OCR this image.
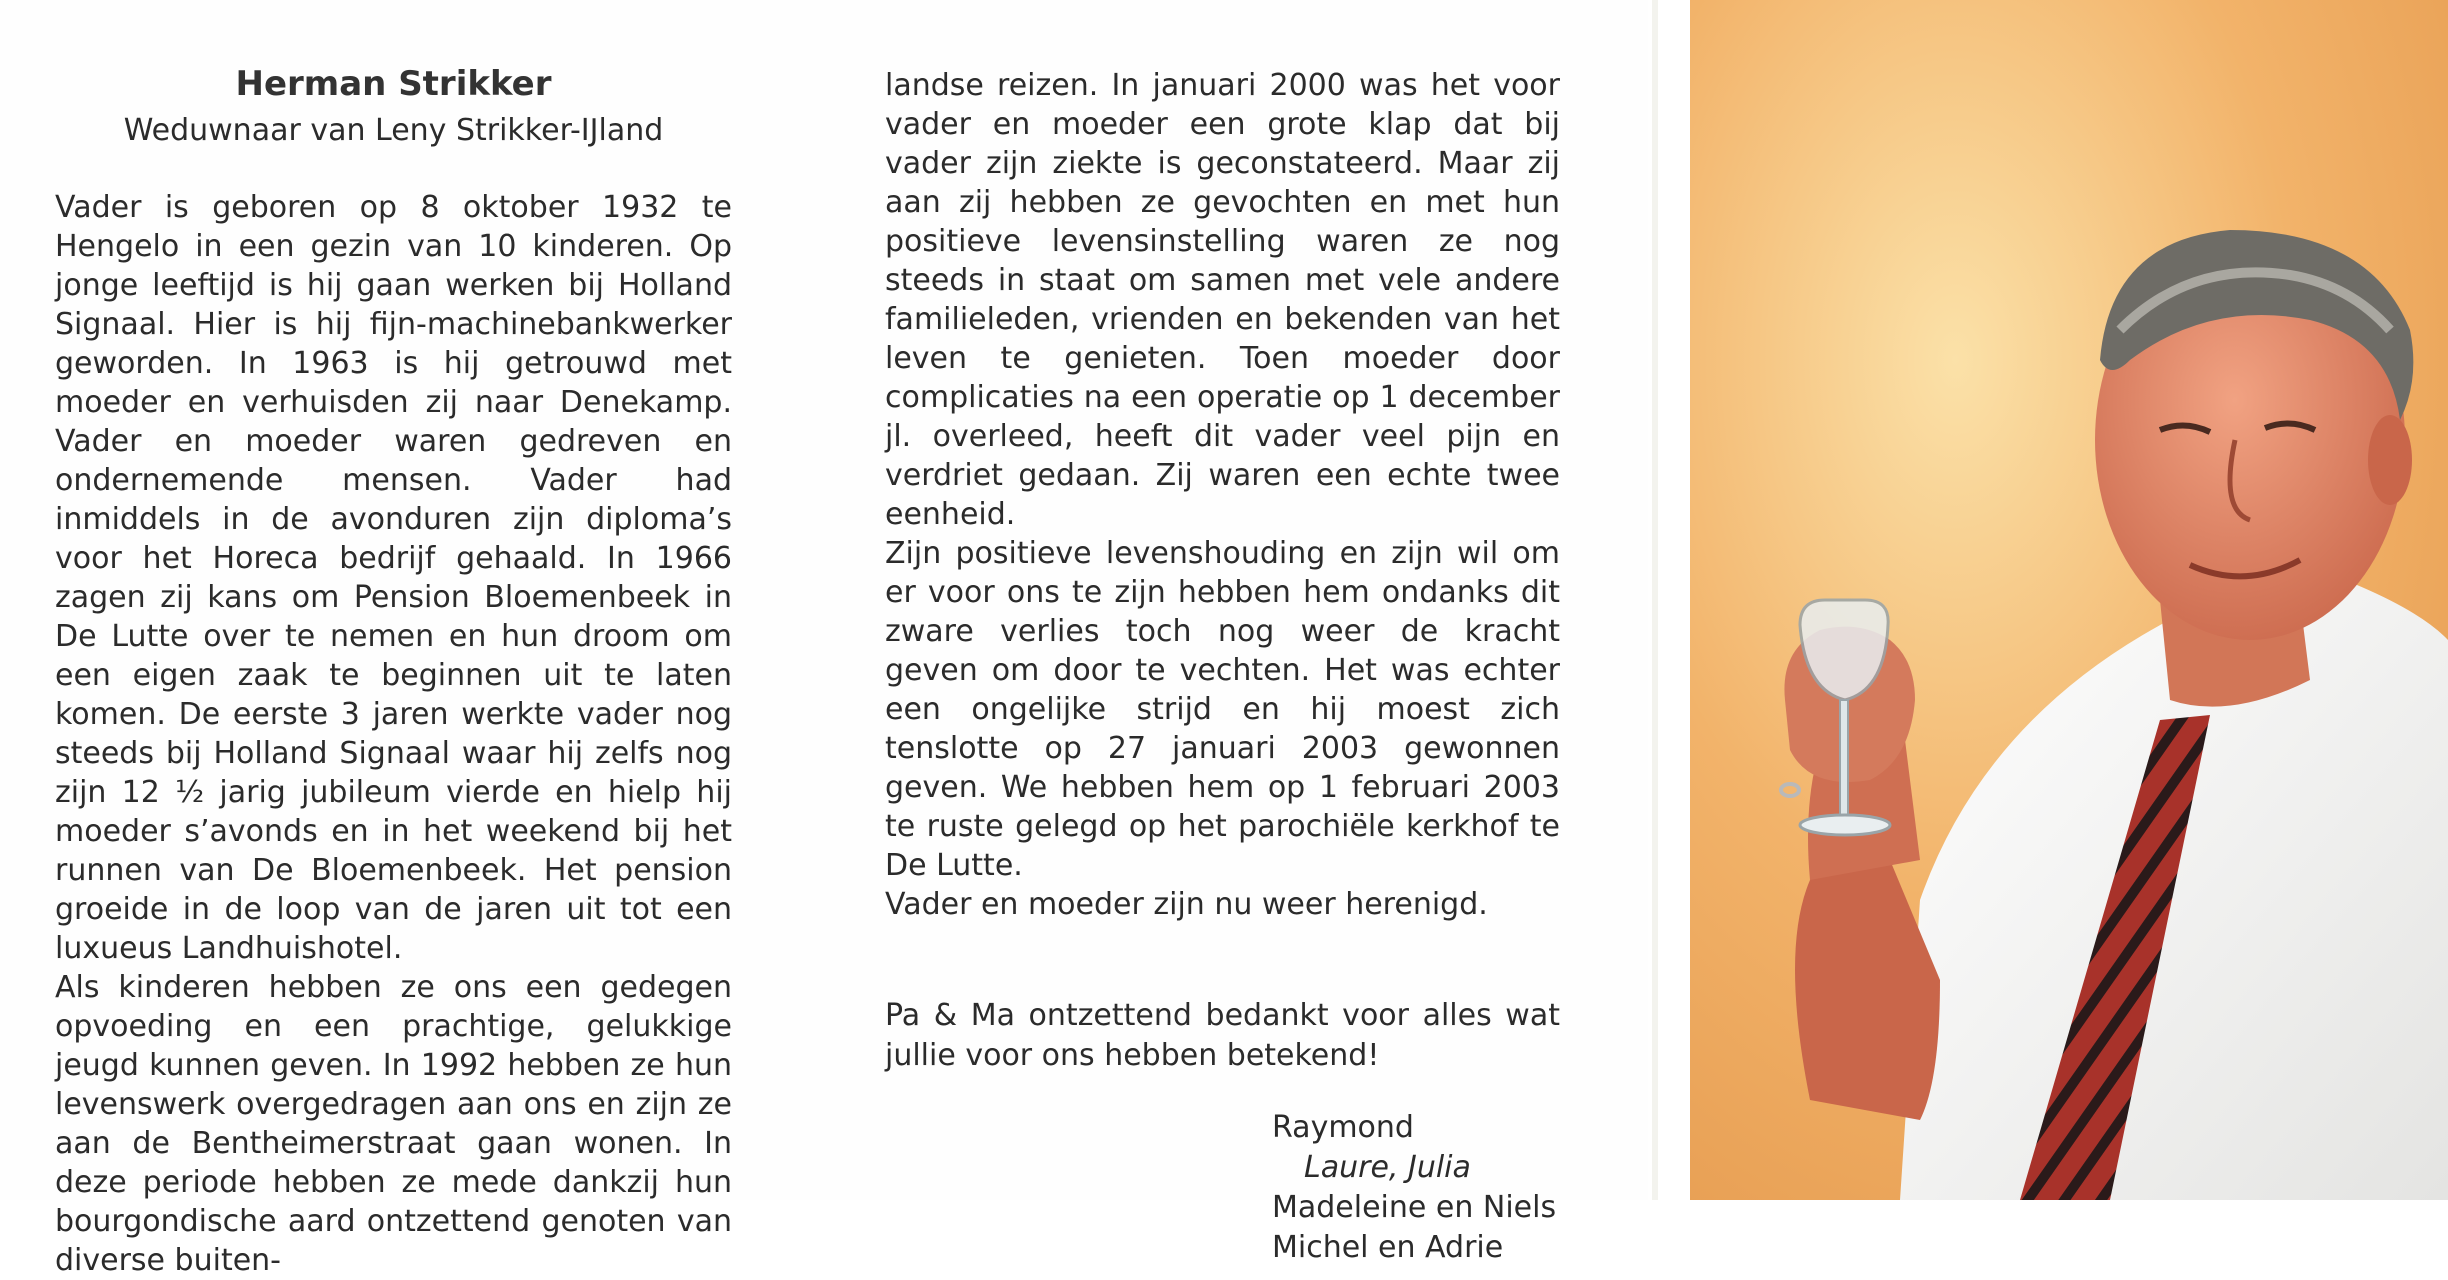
Herman Strikker

Weduwnaar van Leny Strikker-IJland

Vader is geboren op 8 oktober 1932 te Hengelo in een gezin van 10 kinderen. Op jonge leeftijd is hij gaan werken bij Holland Signaal. Hier is hij fijn-machinebankwerker geworden. In 1963 is hij getrouwd met moeder en verhuisden zij naar Denekamp. Vader en moeder waren gedreven en ondernemende mensen. Vader had inmiddels in de avonduren zijn diploma’s voor het Horeca bedrijf gehaald. In 1966 zagen zij kans om Pension Bloemenbeek in De Lutte over te nemen en hun droom om een eigen zaak te beginnen uit te laten komen. De eerste 3 jaren werkte vader nog steeds bij Holland Signaal waar hij zelfs nog zijn 12 ½ jarig jubileum vierde en hielp hij moeder s’avonds en in het weekend bij het runnen van De Bloemenbeek. Het pension groeide in de loop van de jaren uit tot een luxueus Landhuishotel.

Als kinderen hebben ze ons een gedegen opvoeding en een prachtige, gelukkige jeugd kunnen geven. In 1992 hebben ze hun levenswerk overgedragen aan ons en zijn ze aan de Bentheimerstraat gaan wonen. In deze periode hebben ze mede dankzij hun bourgondische aard ontzettend genoten van diverse buiten-

landse reizen. In januari 2000 was het voor vader en moeder een grote klap dat bij vader zijn ziekte is geconstateerd. Maar zij aan zij hebben ze gevochten en met hun positieve levensinstelling waren ze nog steeds in staat om samen met vele andere familieleden, vrienden en bekenden van het leven te genieten. Toen moeder door complicaties na een operatie op 1 december jl. overleed, heeft dit vader veel pijn en verdriet gedaan. Zij waren een echte twee eenheid.

Zijn positieve levenshouding en zijn wil om er voor ons te zijn hebben hem ondanks dit zware verlies toch nog weer de kracht geven om door te vechten. Het was echter een ongelijke strijd en hij moest zich tenslotte op 27 januari 2003 gewonnen geven. We hebben hem op 1 februari 2003 te ruste gelegd op het parochiële kerkhof te De Lutte.

Vader en moeder zijn nu weer herenigd.

Pa & Ma ontzettend bedankt voor alles wat jullie voor ons hebben betekend!

Raymond
Laure, Julia
Madeleine en Niels
Michel en Adrie
